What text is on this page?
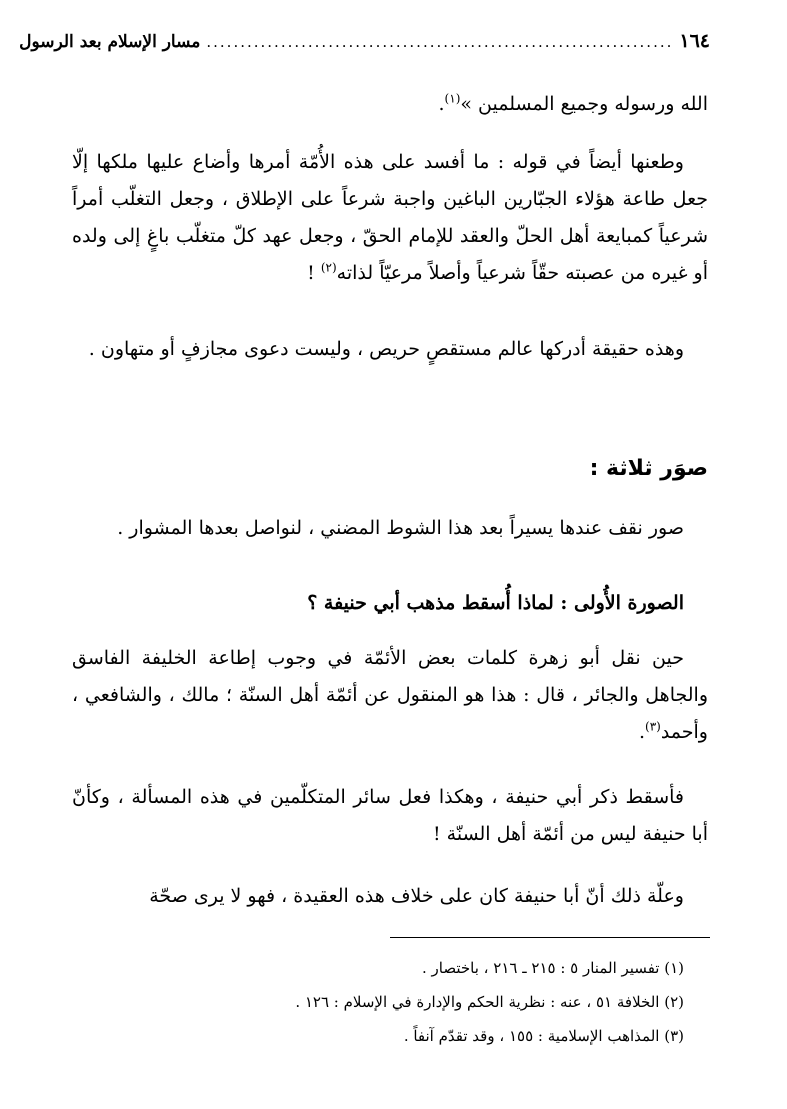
١٦٤
.....................................................................
مسار الإسلام بعد الرسول
الله ورسوله وجميع المسلمين »$^{(١)}$.
وطعنها أيضاً في قوله : ما أفسد على هذه الأُمّة أمرها وأضاع عليها ملكها إلّا جعل طاعة هؤلاء الجبّارين الباغين واجبة شرعاً على الإطلاق ، وجعل التغلّب أمراً شرعياً كمبايعة أهل الحلّ والعقد للإمام الحقّ ، وجعل عهد كلّ متغلّب باغٍ إلى ولده أو غيره من عصبته حقّاً شرعياً وأصلاً مرعيّاً لذاته$^{(٢)}$ !
وهذه حقيقة أدركها عالم مستقصٍ حريص ، وليست دعوى مجازفٍ أو متهاون .
صوَر ثلاثة :
صور نقف عندها يسيراً بعد هذا الشوط المضني ، لنواصل بعدها المشوار .
الصورة الأُولى : لماذا أُسقط مذهب أبي حنيفة ؟
حين نقل أبو زهرة كلمات بعض الأئمّة في وجوب إطاعة الخليفة الفاسق والجاهل والجائر ، قال : هذا هو المنقول عن أئمّة أهل السنّة ؛ مالك ، والشافعي ، وأحمد$^{(٣)}$.
فأسقط ذكر أبي حنيفة ، وهكذا فعل سائر المتكلّمين في هذه المسألة ، وكأنّ أبا حنيفة ليس من أئمّة أهل السنّة !
وعلّة ذلك أنّ أبا حنيفة كان على خلاف هذه العقيدة ، فهو لا يرى صحّة
(١) تفسير المنار ٥ : ٢١٥ ـ ٢١٦ ، باختصار .
(٢) الخلافة ٥١ ، عنه : نظرية الحكم والإدارة في الإسلام : ١٢٦ .
(٣) المذاهب الإسلامية : ١٥٥ ، وقد تقدّم آنفاً .
